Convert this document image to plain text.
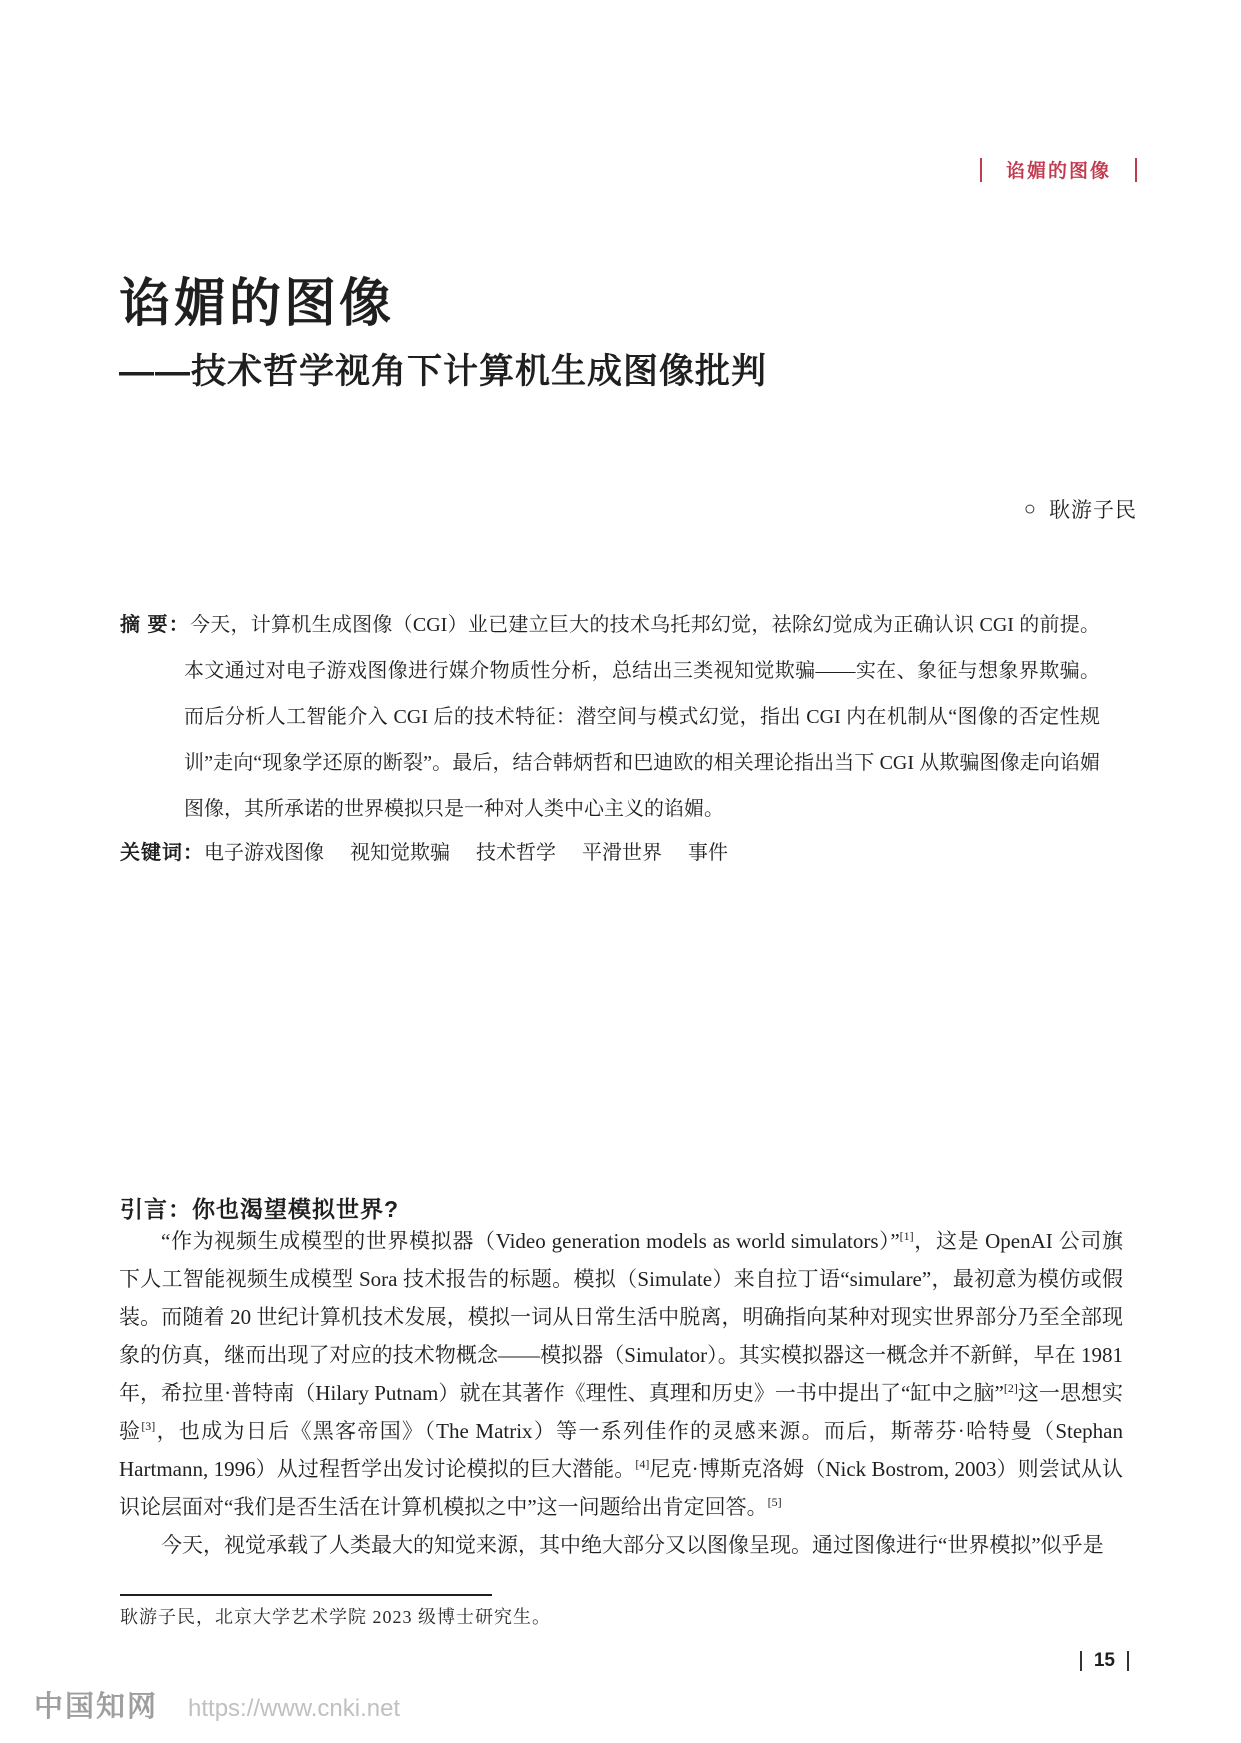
谄媚的图像
谄媚的图像
——技术哲学视角下计算机生成图像批判
○ 耿游子民
摘 要：今天，计算机生成图像（CGI）业已建立巨大的技术乌托邦幻觉，祛除幻觉成为正确认识 CGI 的前提。本文通过对电子游戏图像进行媒介物质性分析，总结出三类视知觉欺骗——实在、象征与想象界欺骗。而后分析人工智能介入 CGI 后的技术特征：潜空间与模式幻觉，指出 CGI 内在机制从“图像的否定性规训”走向“现象学还原的断裂”。最后，结合韩炳哲和巴迪欧的相关理论指出当下 CGI 从欺骗图像走向谄媚图像，其所承诺的世界模拟只是一种对人类中心主义的谄媚。
关键词：电子游戏图像 视知觉欺骗 技术哲学 平滑世界 事件
引言：你也渴望模拟世界?

“作为视频生成模型的世界模拟器（Video generation models as world simulators）”[1]，这是 OpenAI 公司旗下人工智能视频生成模型 Sora 技术报告的标题。模拟（Simulate）来自拉丁语“simulare”，最初意为模仿或假装。而随着 20 世纪计算机技术发展，模拟一词从日常生活中脱离，明确指向某种对现实世界部分乃至全部现象的仿真，继而出现了对应的技术物概念——模拟器（Simulator）。其实模拟器这一概念并不新鲜，早在 1981 年，希拉里·普特南（Hilary Putnam）就在其著作《理性、真理和历史》一书中提出了“缸中之脑”[2]这一思想实验[3]，也成为日后《黑客帝国》（The Matrix）等一系列佳作的灵感来源。而后，斯蒂芬·哈特曼（Stephan Hartmann, 1996）从过程哲学出发讨论模拟的巨大潜能。[4]尼克·博斯克洛姆（Nick Bostrom, 2003）则尝试从认识论层面对“我们是否生活在计算机模拟之中”这一问题给出肯定回答。[5]

今天，视觉承载了人类最大的知觉来源，其中绝大部分又以图像呈现。通过图像进行“世界模拟”似乎是

耿游子民，北京大学艺术学院 2023 级博士研究生。
15
中国知网 https://www.cnki.net
